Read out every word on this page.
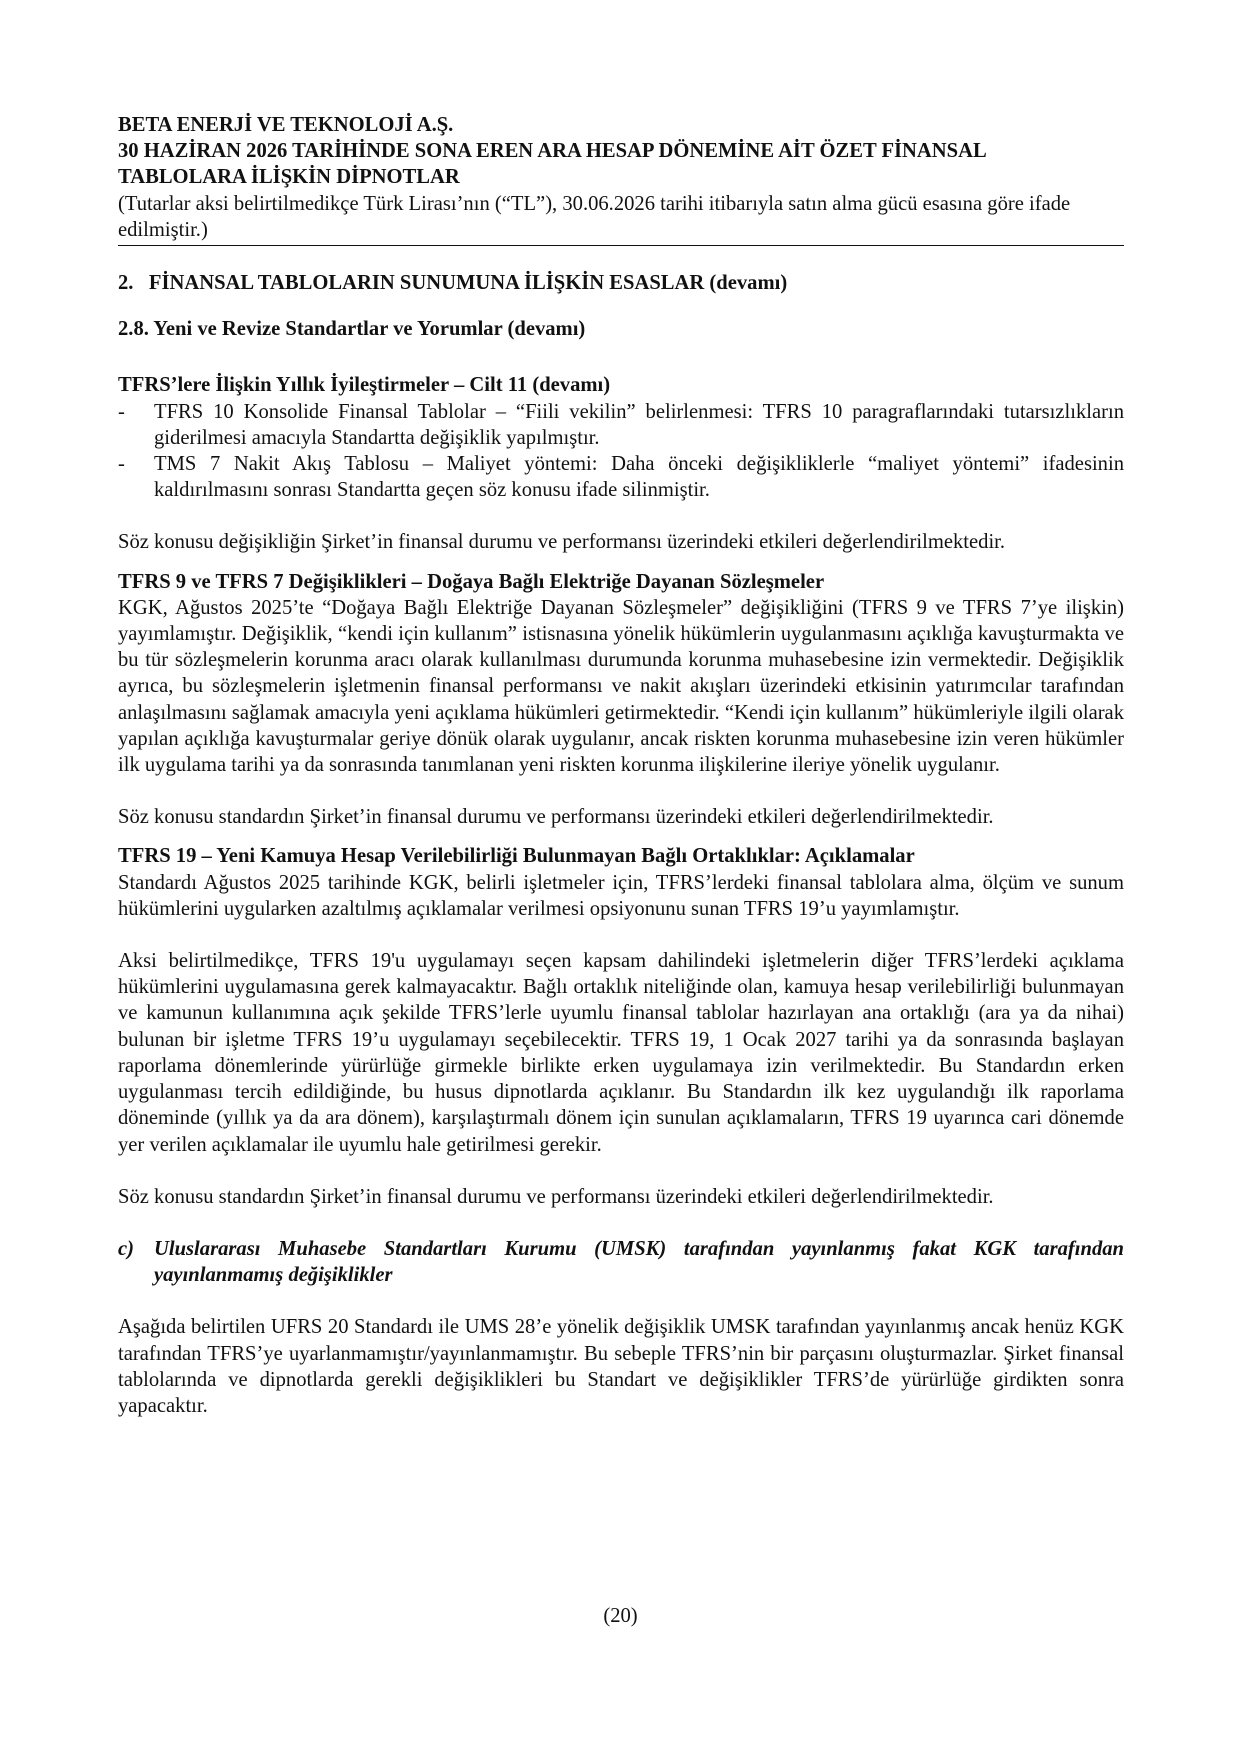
BETA ENERJİ VE TEKNOLOJİ A.Ş.

30 HAZİRAN 2026 TARİHİNDE SONA EREN ARA HESAP DÖNEMİNE AİT ÖZET FİNANSAL

TABLOLARA İLİŞKİN DİPNOTLAR

(Tutarlar aksi belirtilmedikçe Türk Lirası’nın (“TL”), 30.06.2026 tarihi itibarıyla satın alma gücü esasına göre ifade edilmiştir.)

2.   FİNANSAL TABLOLARIN SUNUMUNA İLİŞKİN ESASLAR (devamı)

2.8. Yeni ve Revize Standartlar ve Yorumlar (devamı)

TFRS’lere İlişkin Yıllık İyileştirmeler – Cilt 11 (devamı)

-	TFRS 10 Konsolide Finansal Tablolar – “Fiili vekilin” belirlenmesi: TFRS 10 paragraflarındaki tutarsızlıkların giderilmesi amacıyla Standartta değişiklik yapılmıştır.
-	TMS 7 Nakit Akış Tablosu – Maliyet yöntemi: Daha önceki değişikliklerle “maliyet yöntemi” ifadesinin kaldırılmasını sonrası Standartta geçen söz konusu ifade silinmiştir.

Söz konusu değişikliğin Şirket’in finansal durumu ve performansı üzerindeki etkileri değerlendirilmektedir.

TFRS 9 ve TFRS 7 Değişiklikleri – Doğaya Bağlı Elektriğe Dayanan Sözleşmeler

KGK, Ağustos 2025’te “Doğaya Bağlı Elektriğe Dayanan Sözleşmeler” değişikliğini (TFRS 9 ve TFRS 7’ye ilişkin) yayımlamıştır. Değişiklik, “kendi için kullanım” istisnasına yönelik hükümlerin uygulanmasını açıklığa kavuşturmakta ve bu tür sözleşmelerin korunma aracı olarak kullanılması durumunda korunma muhasebesine izin vermektedir. Değişiklik ayrıca, bu sözleşmelerin işletmenin finansal performansı ve nakit akışları üzerindeki etkisinin yatırımcılar tarafından anlaşılmasını sağlamak amacıyla yeni açıklama hükümleri getirmektedir. “Kendi için kullanım” hükümleriyle ilgili olarak yapılan açıklığa kavuşturmalar geriye dönük olarak uygulanır, ancak riskten korunma muhasebesine izin veren hükümler ilk uygulama tarihi ya da sonrasında tanımlanan yeni riskten korunma ilişkilerine ileriye yönelik uygulanır.

Söz konusu standardın Şirket’in finansal durumu ve performansı üzerindeki etkileri değerlendirilmektedir.

TFRS 19 – Yeni Kamuya Hesap Verilebilirliği Bulunmayan Bağlı Ortaklıklar: Açıklamalar

Standardı Ağustos 2025 tarihinde KGK, belirli işletmeler için, TFRS’lerdeki finansal tablolara alma, ölçüm ve sunum hükümlerini uygularken azaltılmış açıklamalar verilmesi opsiyonunu sunan TFRS 19’u yayımlamıştır.

Aksi belirtilmedikçe, TFRS 19'u uygulamayı seçen kapsam dahilindeki işletmelerin diğer TFRS’lerdeki açıklama hükümlerini uygulamasına gerek kalmayacaktır. Bağlı ortaklık niteliğinde olan, kamuya hesap verilebilirliği bulunmayan ve kamunun kullanımına açık şekilde TFRS’lerle uyumlu finansal tablolar hazırlayan ana ortaklığı (ara ya da nihai) bulunan bir işletme TFRS 19’u uygulamayı seçebilecektir. TFRS 19, 1 Ocak 2027 tarihi ya da sonrasında başlayan raporlama dönemlerinde yürürlüğe girmekle birlikte erken uygulamaya izin verilmektedir. Bu Standardın erken uygulanması tercih edildiğinde, bu husus dipnotlarda açıklanır. Bu Standardın ilk kez uygulandığı ilk raporlama döneminde (yıllık ya da ara dönem), karşılaştırmalı dönem için sunulan açıklamaların, TFRS 19 uyarınca cari dönemde yer verilen açıklamalar ile uyumlu hale getirilmesi gerekir.

Söz konusu standardın Şirket’in finansal durumu ve performansı üzerindeki etkileri değerlendirilmektedir.

c) Uluslararası Muhasebe Standartları Kurumu (UMSK) tarafından yayınlanmış fakat KGK tarafından yayınlanmamış değişiklikler

Aşağıda belirtilen UFRS 20 Standardı ile UMS 28’e yönelik değişiklik UMSK tarafından yayınlanmış ancak henüz KGK tarafından TFRS’ye uyarlanmamıştır/yayınlanmamıştır. Bu sebeple TFRS’nin bir parçasını oluşturmazlar. Şirket finansal tablolarında ve dipnotlarda gerekli değişiklikleri bu Standart ve değişiklikler TFRS’de yürürlüğe girdikten sonra yapacaktır.

(20)
